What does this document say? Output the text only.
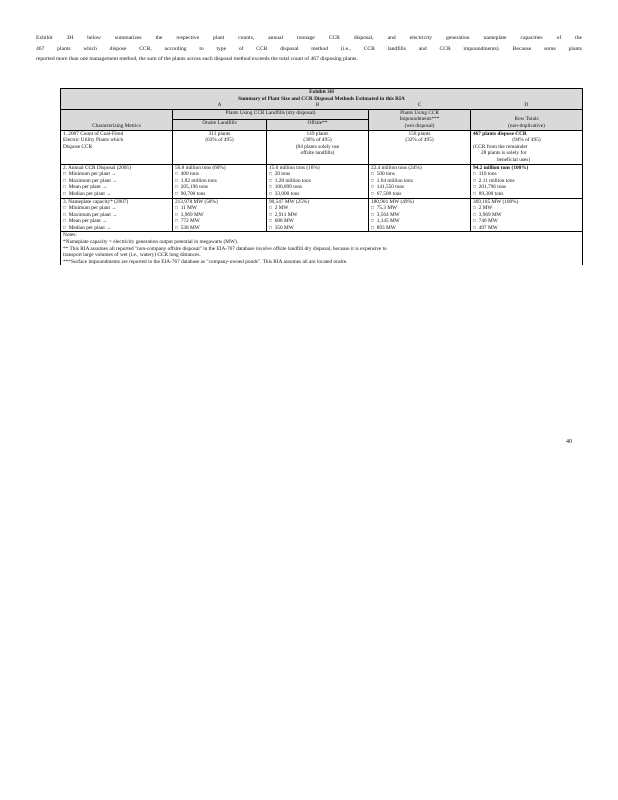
Exhibit 3H below summarizes the respective plant counts, annual tonnage CCR disposal, and electricity generation nameplate capacities of the
467 plants which dispose CCR, according to type of CCR disposal method (i.e., CCR landfills and CCR impoundments). Because some plants
reported more than one management method, the sum of the plants across each disposal method exceeds the total count of 467 disposing plants.
Exhibit 3H
Summary of Plant Size and CCR Disposal Methods Estimated in this RIA				

	A	B	C	D

Characterizing Metrics	Plants Using CCR Landfills (dry disposal)		Plants Using CCR
Impoundments***
(wet disposal)	Row Totals
(non-duplicative)

	Onsite Landfills	Offsite**		

1. 2007 Count of Coal-Fired
Electric Utility Plants which
Dispose CCR	311 plants
(63% of 495)	149 plants
(30% of 495)
(84 plants solely use
offsite landfills)	158 plants
(32% of 495)	467 plants dispose CCR
(94% of 495)
(CCR from the remainder
28 plants is solely for
beneficial uses)

2. Annual CCR Disposal (2005)
□ Minimum per plant →
□ Maximum per plant →
□ Mean per plant →
□ Median per plant →	56.8 million tons (60%)
□ 400 tons
□ 1.82 million tons
□ 205,196 tons
□ 90,700 tons	15.0 million tons (16%)
□ 20 tons
□ 1.28 million tons
□ 100,899 tons
□ 33,000 tons	22.4 million tons (24%)
□ 500 tons
□ 1.04 million tons
□ 141,550 tons
□ 67,500 tons	94.2 million tons (100%)
□ 110 tons
□ 2.11 million tons
□ 201,796 tons
□ 89,300 tons

3. Nameplate capacity* (2007)
□ Minimum per plant →
□ Maximum per plant →
□ Mean per plant →
□ Median per plant →	213,978 MW (58%)
□ 11 MW
□ 3,969 MW
□ 772 MW
□ 538 MW	90,547 MW (25%)
□ 2 MW
□ 2,911 MW
□ 608 MW
□ 350 MW	180,901 MW (49%)
□ 75.3 MW
□ 3,564 MW
□ 1,145 MW
□ 893 MW	369,185 MW (100%)
□ 2 MW
□ 3,969 MW
□ 746 MW
□ 497 MW

Notes:
*Nameplate capacity = electricity generation output potential in megawatts (MW).
** This RIA assumes all reported "non-company offsite disposal" in the EIA-767 database involve offsite landfill dry disposal, because it is expensive to
transport large volumes of wet (i.e., watery) CCR long distances.
***Surface impoundments are reported in the EIA-767 database as "company-owned ponds". This RIA assumes all are located onsite.				
40
